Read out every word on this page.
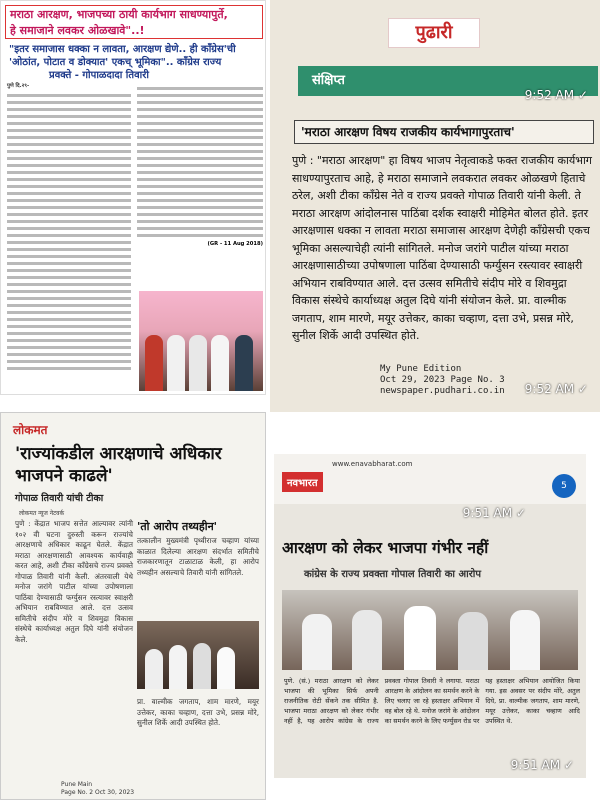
मराठा आरक्षण, भाजपच्या ठायी कार्यभाग साधण्यापुर्ते,
हे समाजाने लवकर ओळखावे"..!
"इतर समाजास धक्का न लावता, आरक्षण द्येणे.. ही कॉंग्रेस'ची
'ओठांत, पोटात व डोक्यात' एकच् भूमिका".. कॉंग्रेस राज्य
प्रवक्ते - गोपाळदादा तिवारी
पुणे दि.२९-
(GR - 11 Aug 2018)
पुढारी
संक्षिप्त
9:52 AM ✓
'मराठा आरक्षण विषय राजकीय कार्यभागापुरताच'
पुणे : "मराठा आरक्षण" हा विषय भाजप नेतृत्वाकडे फक्त राजकीय कार्यभाग साधण्यापुरताच आहे, हे मराठा समाजाने लवकरात लवकर ओळखणे हिताचे ठरेल, अशी टीका कॉंग्रेस नेते व राज्य प्रवक्ते गोपाळ तिवारी यांनी केली. ते मराठा आरक्षण आंदोलनास पाठिंबा दर्शक स्वाक्षरी मोहिमेत बोलत होते. इतर आरक्षणास धक्का न लावता मराठा समाजास आरक्षण देणेही कॉंग्रेसची एकच भूमिका असल्याचेही त्यांनी सांगितले. मनोज जरांगे पाटील यांच्या मराठा आरक्षणासाठीच्या उपोषणाला पाठिंबा देण्यासाठी फर्ग्युसन रस्त्यावर स्वाक्षरी अभियान राबविण्यात आले. दत्त उत्सव समितीचे संदीप मोरे व शिवमुद्रा विकास संस्थेचे कार्याध्यक्ष अतुल दिघे यांनी संयोजन केले. प्रा. वाल्मीक जगताप, शाम मारणे, मयूर उत्तेकर, काका चव्हाण, दत्ता उभे, प्रसन्न मोरे, सुनील शिर्के आदी उपस्थित होते.
My Pune Edition
Oct 29, 2023 Page No. 3
newspaper.pudhari.co.in 9:52 AM ✓
लोकमत
'राज्यांकडील आरक्षणाचे अधिकार भाजपने काढले'
गोपाळ तिवारी यांची टीका
लोकमत न्यूज नेटवर्क
पुणे : केंद्रात भाजप सत्तेत आल्यावर त्यांनी १०२ वी घटना दुरुस्ती करून राज्यांचे आरक्षणाचे अधिकार काढून घेतले. केंद्रात मराठा आरक्षणासाठी आवश्यक कार्यवाही करत आहे, अशी टीका कॉंग्रेसचे राज्य प्रवक्ते गोपाळ तिवारी यांनी केली. अंतरवाली येथे मनोज जरांगे पाटील यांच्या उपोषणाला पाठिंबा देण्यासाठी फर्ग्युसन रस्त्यावर स्वाक्षरी अभियान राबविण्यात आले. दत्त उत्सव समितीचे संदीप मोरे व शिवमुद्रा विकास संस्थेचे कार्याध्यक्ष अतुल दिघे यांनी संयोजन केले.
'तो आरोप तथ्यहीन'
तत्कालीन मुख्यमंत्री पृथ्वीराज चव्हाण यांच्या काळात दिलेल्या आरक्षण संदर्भात समितीचे राजकारणातून टाळाटाळ केली, हा आरोप तथ्यहीन असल्याचे तिवारी यांनी सांगितले.
प्रा. वाल्मीक जगताप, शाम मारणे, मयूर उत्तेकर, काका चव्हाण, दत्ता उभे, प्रसन्न मोरे, सुनील शिर्के आदी उपस्थित होते.
Pune Main
Page No. 2 Oct 30, 2023
नवभारत
www.enavabharat.com
5
9:51 AM ✓
आरक्षण को लेकर भाजपा गंभीर नहीं
कांग्रेस के राज्य प्रवक्ता गोपाल तिवारी का आरोप
पुणे. (सं.) मराठा आरक्षण को लेकर भाजपा की भूमिका सिर्फ अपनी राजनीतिक रोटी सेंकने तक सीमित है. भाजपा मराठा आरक्षण को लेकर गंभीर नहीं है, यह आरोप कांग्रेस के राज्य प्रवक्ता गोपाल तिवारी ने लगाया. मराठा आरक्षण के आंदोलन का समर्थन करने के लिए चलाए जा रहे हस्ताक्षर अभियान में वह बोल रहे थे. मनोज जरांगे के आंदोलन का समर्थन करने के लिए फर्ग्युसन रोड पर यह हस्ताक्षर अभियान आयोजित किया गया. इस अवसर पर संदीप मोरे, अतुल दिघे, प्रा. वाल्मीक जगताप, शाम मारणे, मयूर उत्तेकर, काका चव्हाण आदि उपस्थित थे.
9:51 AM ✓
